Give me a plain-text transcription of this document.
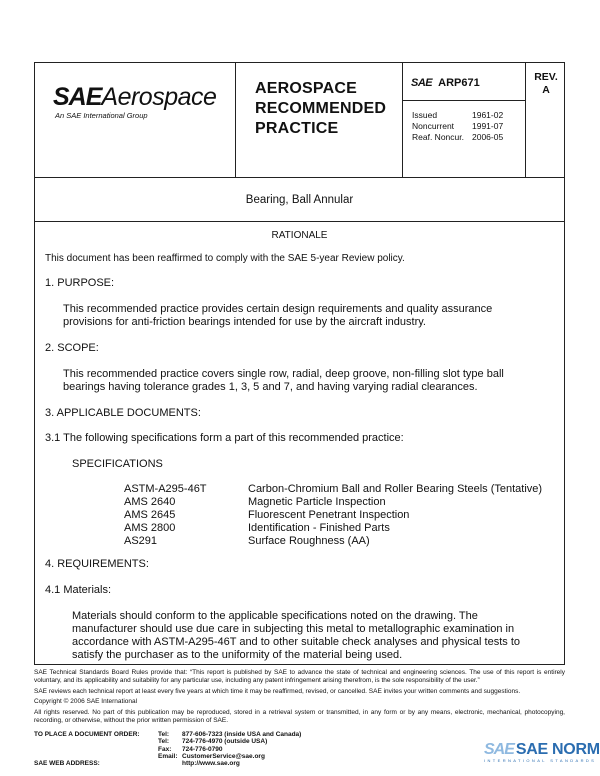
SAEAerospace
An SAE International Group
AEROSPACE
RECOMMENDED
PRACTICE
SAE ARP671
Issued	1961-02
Noncurrent	1991-07
Reaf. Noncur. 2006-05
REV.
A
Bearing, Ball Annular
RATIONALE
This document has been reaffirmed to comply with the SAE 5-year Review policy.
1. PURPOSE:
This recommended practice provides certain design requirements and quality assurance provisions for anti-friction bearings intended for use by the aircraft industry.
2. SCOPE:
This recommended practice covers single row, radial, deep groove, non-filling slot type ball bearings having tolerance grades 1, 3, 5 and 7, and having varying radial clearances.
3. APPLICABLE DOCUMENTS:
3.1 The following specifications form a part of this recommended practice:
SPECIFICATIONS
ASTM-A295-46T	Carbon-Chromium Ball and Roller Bearing Steels (Tentative)
AMS 2640	Magnetic Particle Inspection
AMS 2645	Fluorescent Penetrant Inspection
AMS 2800	Identification - Finished Parts
AS291	Surface Roughness (AA)
4. REQUIREMENTS:
4.1 Materials:
Materials should conform to the applicable specifications noted on the drawing. The manufacturer should use due care in subjecting this metal to metallographic examination in accordance with ASTM-A295-46T and to other suitable check analyses and physical tests to satisfy the purchaser as to the uniformity of the material being used.

SAE Technical Standards Board Rules provide that: “This report is published by SAE to advance the state of technical and engineering sciences. The use of this report is entirely voluntary, and its applicability and suitability for any particular use, including any patent infringement arising therefrom, is the sole responsibility of the user.”

SAE reviews each technical report at least every five years at which time it may be reaffirmed, revised, or cancelled. SAE invites your written comments and suggestions.

Copyright © 2006 SAE International

All rights reserved. No part of this publication may be reproduced, stored in a retrieval system or transmitted, in any form or by any means, electronic, mechanical, photocopying, recording, or otherwise, without the prior written permission of SAE.

TO PLACE A DOCUMENT ORDER:	Tel:	877-606-7323 (inside USA and Canada)
Tel:	724-776-4970 (outside USA)
Fax:	724-776-0790
Email: CustomerService@sae.org
SAE WEB ADDRESS:	http://www.sae.org
SAE SAE NORM
INTERNATIONAL STANDARDS
